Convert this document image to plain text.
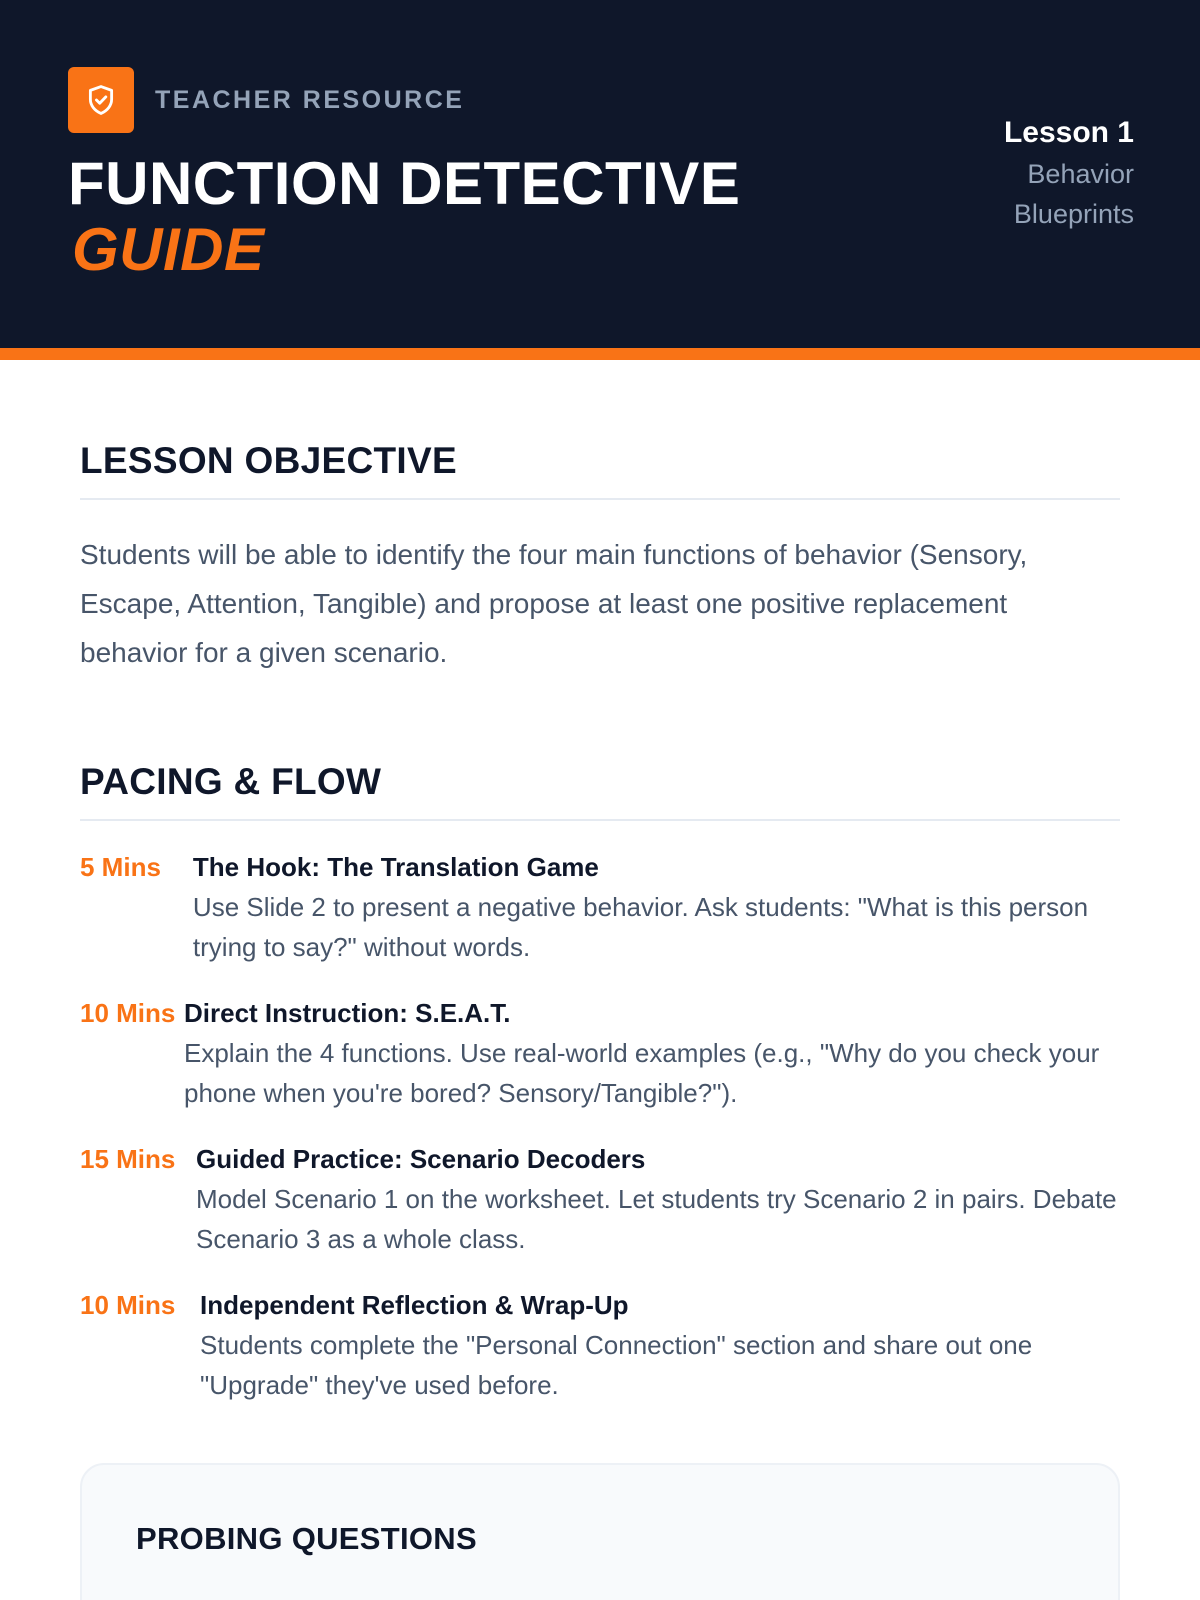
TEACHER RESOURCE
FUNCTION DETECTIVE
GUIDE
Lesson 1
Behavior Blueprints
LESSON OBJECTIVE

Students will be able to identify the four main functions of behavior (Sensory, Escape, Attention, Tangible) and propose at least one positive replacement behavior for a given scenario.

PACING & FLOW
5 Mins	The Hook: The Translation Game
Use Slide 2 to present a negative behavior. Ask students: "What is this person trying to say?" without words.
10 Mins Direct Instruction: S.E.A.T.
Explain the 4 functions. Use real-world examples (e.g., "Why do you check your phone when you're bored? Sensory/Tangible?").
15 Mins Guided Practice: Scenario Decoders
Model Scenario 1 on the worksheet. Let students try Scenario 2 in pairs. Debate Scenario 3 as a whole class.
10 Mins Independent Reflection & Wrap-Up
Students complete the "Personal Connection" section and share out one "Upgrade" they've used before.
PROBING QUESTIONS
